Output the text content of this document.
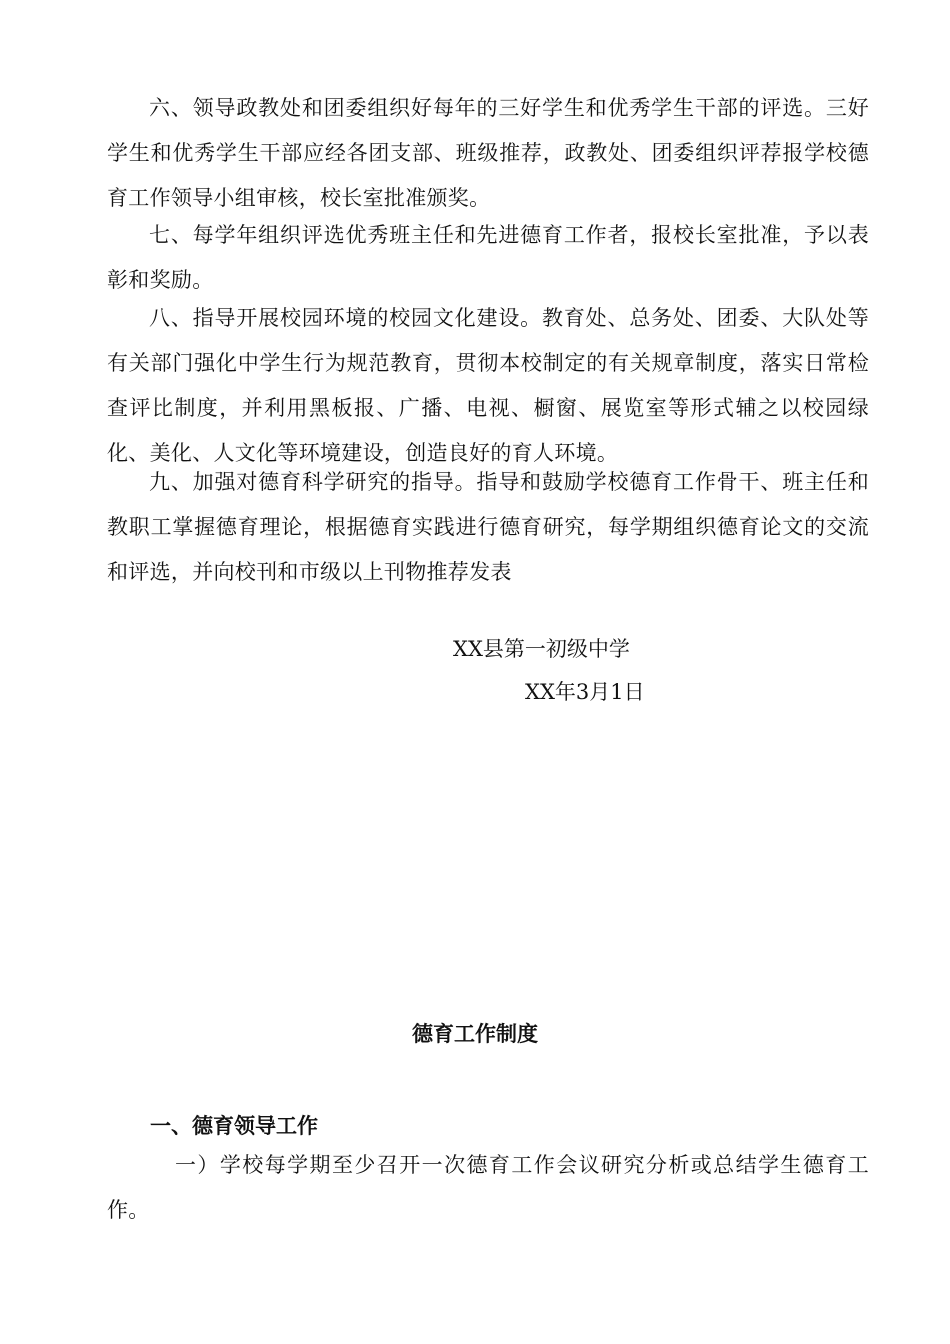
六、领导政教处和团委组织好每年的三好学生和优秀学生干部的评选。三好学生和优秀学生干部应经各团支部、班级推荐，政教处、团委组织评荐报学校德育工作领导小组审核，校长室批准颁奖。

七、每学年组织评选优秀班主任和先进德育工作者，报校长室批准，予以表彰和奖励。

八、指导开展校园环境的校园文化建设。教育处、总务处、团委、大队处等有关部门强化中学生行为规范教育，贯彻本校制定的有关规章制度，落实日常检查评比制度，并利用黑板报、广播、电视、橱窗、展览室等形式辅之以校园绿化、美化、人文化等环境建设，创造良好的育人环境。

九、加强对德育科学研究的指导。指导和鼓励学校德育工作骨干、班主任和教职工掌握德育理论，根据德育实践进行德育研究，每学期组织德育论文的交流和评选，并向校刊和市级以上刊物推荐发表

XX县第一初级中学

XX年3月1日

德育工作制度
一、德育领导工作

一）学校每学期至少召开一次德育工作会议研究分析或总结学生德育工作。
